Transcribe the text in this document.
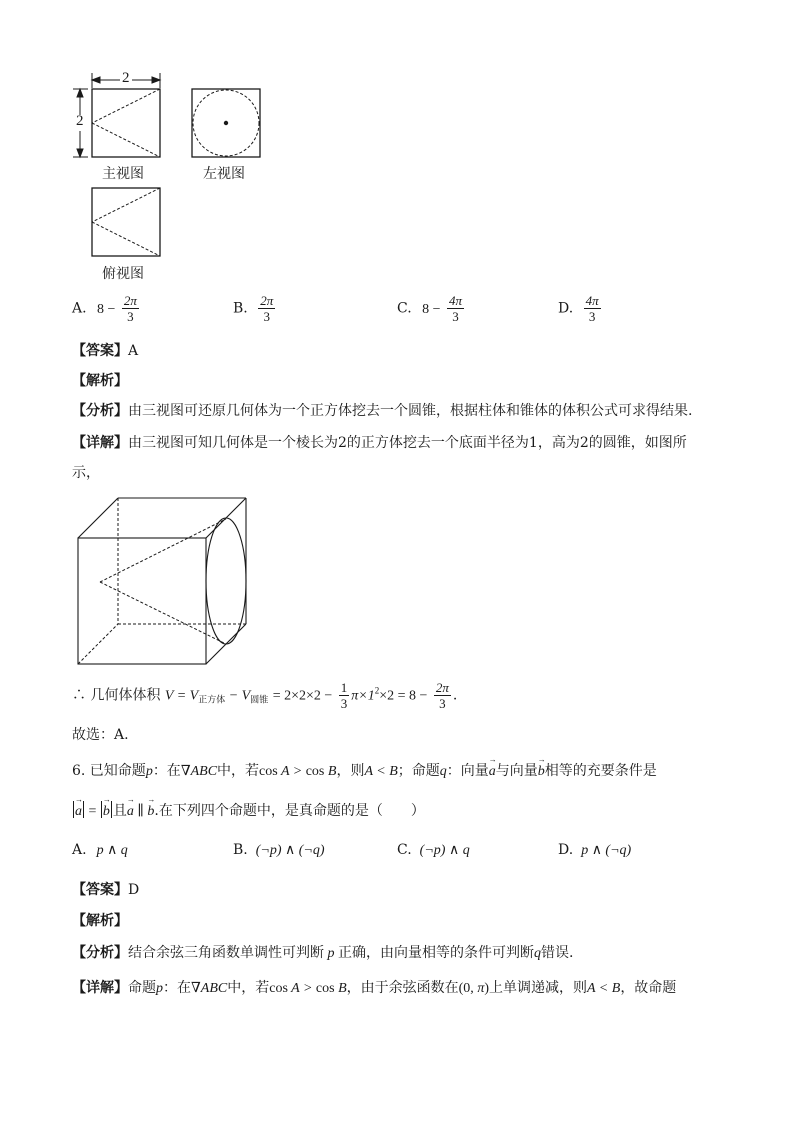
2
2
主视图	左视图
俯视图
A. $8 - \frac{2\pi}{3}$	B. $\frac{2\pi}{3}$	C. $8 - \frac{4\pi}{3}$	D. $\frac{4\pi}{3}$
【答案】A
【解析】
【分析】由三视图可还原几何体为一个正方体挖去一个圆锥，根据柱体和锥体的体积公式可求得结果.
【详解】由三视图可知几何体是一个棱长为2的正方体挖去一个底面半径为1，高为2的圆锥，如图所
示，
∴ 几何体体积 $V = V_{正方体} - V_{圆锥} = 2\times 2\times 2 - \frac{1}{3} \pi\times 1^2\times 2 = 8 - \frac{2\pi}{3}$ .
故选：A.
6. 已知命题p：在∇ABC中，若cos A > cos B，则A < B；命题q：向量→ a与向量→ b相等的充要条件是
→ a = → b 且→ a ∥ → b.在下列四个命题中，是真命题的是（　　）
A. p ∧ q	B. (¬p) ∧ (¬q)	C. (¬p) ∧ q	D. p ∧ (¬q)
【答案】D
【解析】
【分析】结合余弦三角函数单调性可判断 p 正确，由向量相等的条件可判断q错误.
【详解】命题p：在∇ABC中，若cos A > cos B，由于余弦函数在(0, π)上单调递减，则A < B，故命题
